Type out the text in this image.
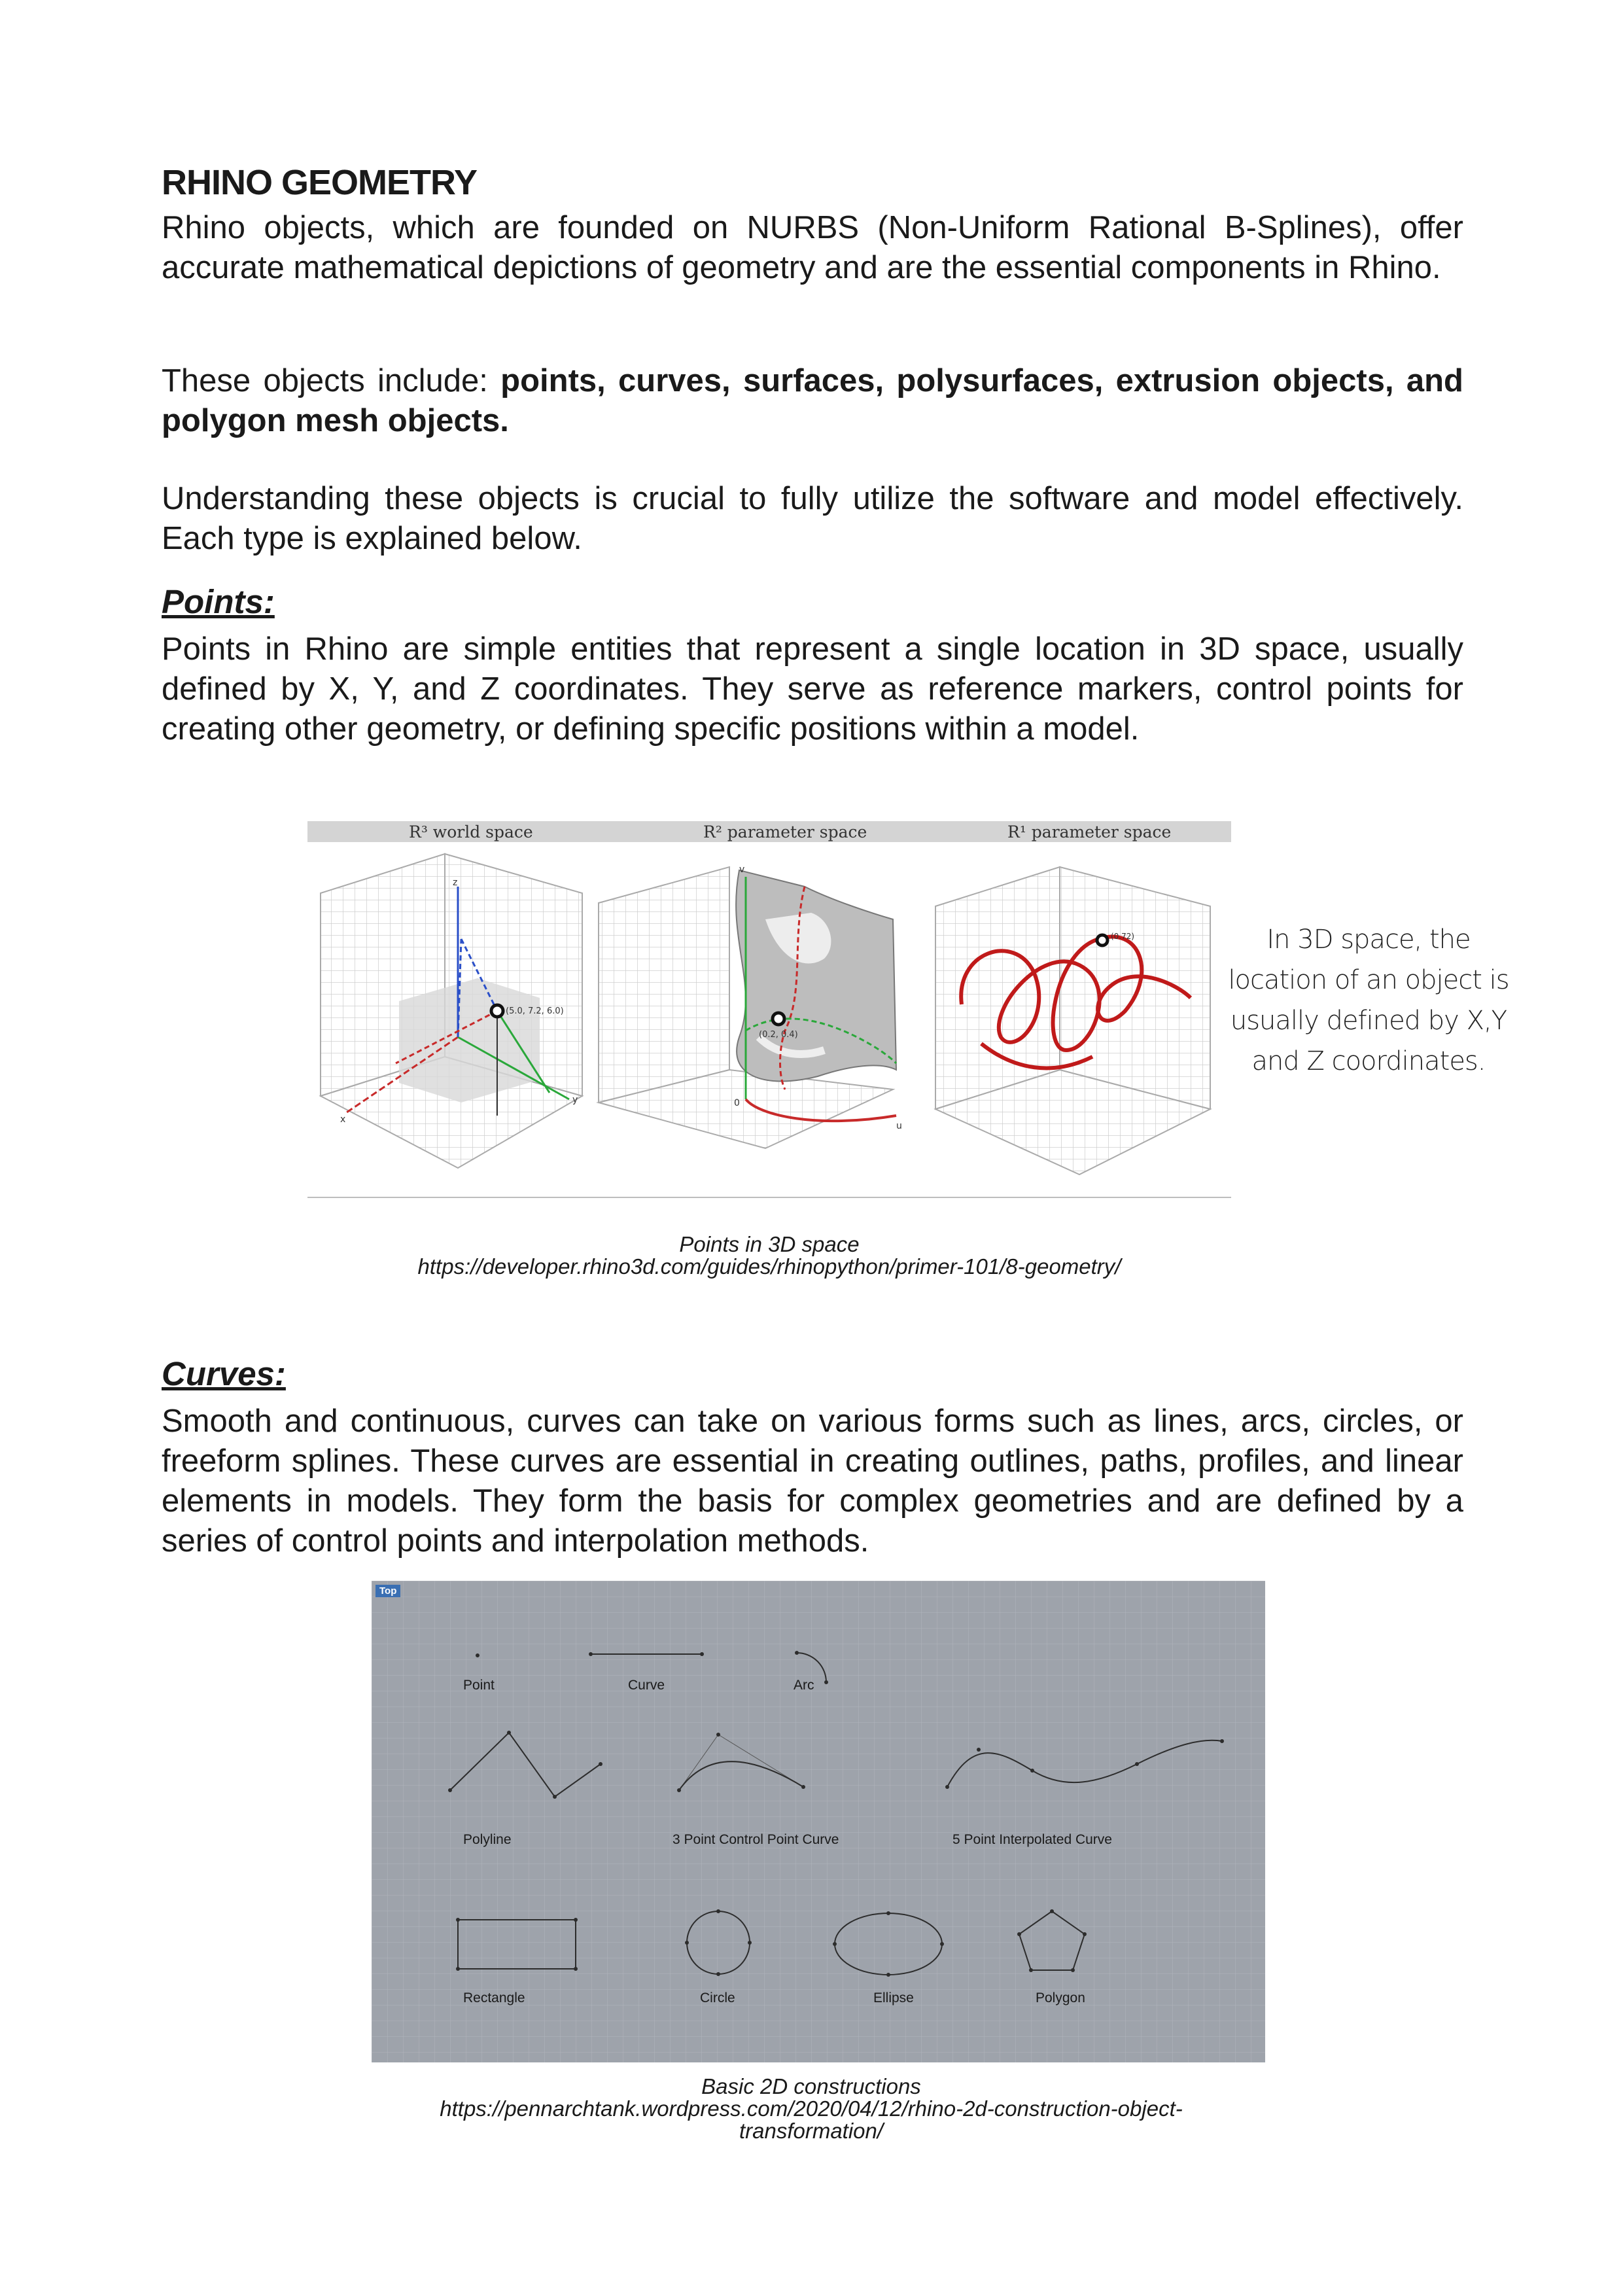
RHINO GEOMETRY
Rhino objects, which are founded on NURBS (Non-Uniform Rational B-Splines), offer accurate mathematical depictions of geometry and are the essential components in Rhino.
These objects include: points, curves, surfaces, polysurfaces, extrusion objects, and polygon mesh objects.
Understanding these objects is crucial to fully utilize the software and model effectively. Each type is explained below.
Points:
Points in Rhino are simple entities that represent a single location in 3D space, usually defined by X, Y, and Z coordinates. They serve as reference markers, control points for creating other geometry, or defining specific positions within a model.
R³ world space	R² parameter space	R¹ parameter space
(5.0, 7.2, 6.0)
x
y
z
(0.2, 0.4)
v
u
0
(0.72)	In 3D space, the location of an object is usually defined by X,Y and Z coordinates.
Points in 3D space
https://developer.rhino3d.com/guides/rhinopython/primer-101/8-geometry/
Curves:
Smooth and continuous, curves can take on various forms such as lines, arcs, circles, or freeform splines. These curves are essential in creating outlines, paths, profiles, and linear elements in models. They form the basis for complex geometries and are defined by a series of control points and interpolation methods.
Top
Point	Curve	Arc
Polyline	3 Point Control Point Curve	5 Point Interpolated Curve
Rectangle	Circle	Ellipse	Polygon
Basic 2D constructions
https://pennarchtank.wordpress.com/2020/04/12/rhino-2d-construction-object-
transformation/
